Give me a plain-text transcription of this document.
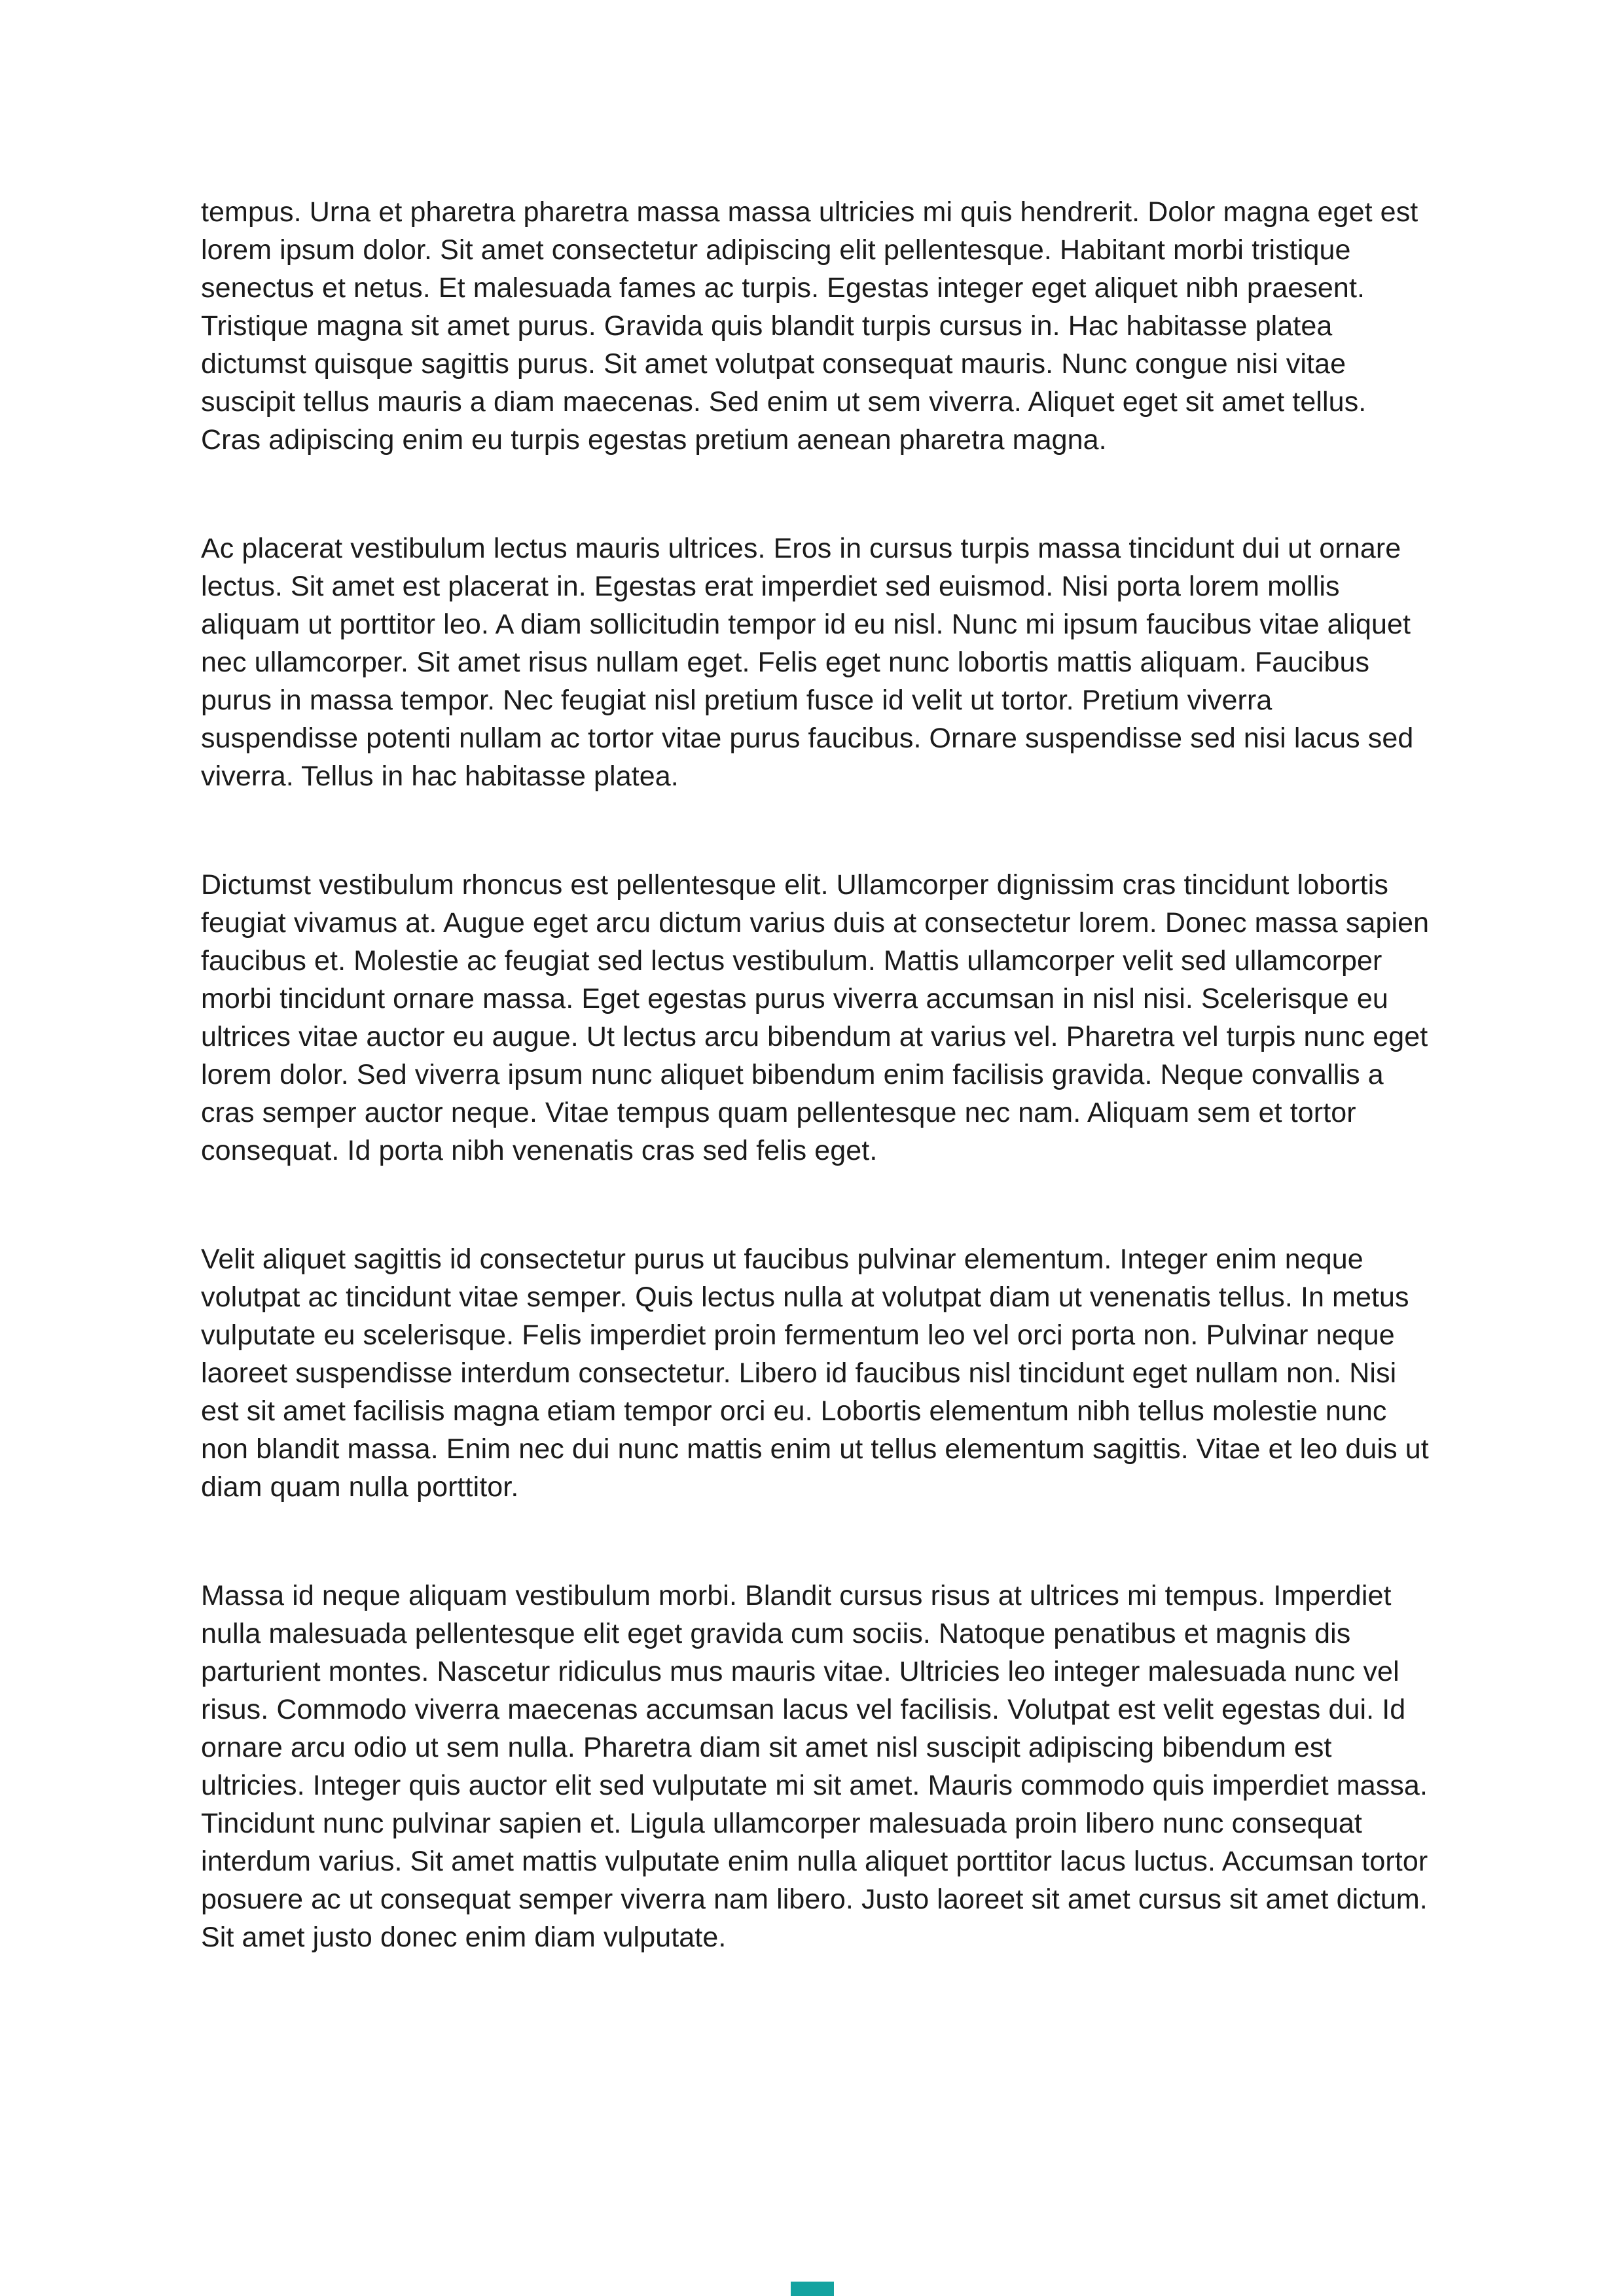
tempus. Urna et pharetra pharetra massa massa ultricies mi quis hendrerit. Dolor magna eget est lorem ipsum dolor. Sit amet consectetur adipiscing elit pellentesque. Habitant morbi tristique senectus et netus. Et malesuada fames ac turpis. Egestas integer eget aliquet nibh praesent. Tristique magna sit amet purus. Gravida quis blandit turpis cursus in. Hac habitasse platea dictumst quisque sagittis purus. Sit amet volutpat consequat mauris. Nunc congue nisi vitae suscipit tellus mauris a diam maecenas. Sed enim ut sem viverra. Aliquet eget sit amet tellus. Cras adipiscing enim eu turpis egestas pretium aenean pharetra magna.

Ac placerat vestibulum lectus mauris ultrices. Eros in cursus turpis massa tincidunt dui ut ornare lectus. Sit amet est placerat in. Egestas erat imperdiet sed euismod. Nisi porta lorem mollis aliquam ut porttitor leo. A diam sollicitudin tempor id eu nisl. Nunc mi ipsum faucibus vitae aliquet nec ullamcorper. Sit amet risus nullam eget. Felis eget nunc lobortis mattis aliquam. Faucibus purus in massa tempor. Nec feugiat nisl pretium fusce id velit ut tortor. Pretium viverra suspendisse potenti nullam ac tortor vitae purus faucibus. Ornare suspendisse sed nisi lacus sed viverra. Tellus in hac habitasse platea.

Dictumst vestibulum rhoncus est pellentesque elit. Ullamcorper dignissim cras tincidunt lobortis feugiat vivamus at. Augue eget arcu dictum varius duis at consectetur lorem. Donec massa sapien faucibus et. Molestie ac feugiat sed lectus vestibulum. Mattis ullamcorper velit sed ullamcorper morbi tincidunt ornare massa. Eget egestas purus viverra accumsan in nisl nisi. Scelerisque eu ultrices vitae auctor eu augue. Ut lectus arcu bibendum at varius vel. Pharetra vel turpis nunc eget lorem dolor. Sed viverra ipsum nunc aliquet bibendum enim facilisis gravida. Neque convallis a cras semper auctor neque. Vitae tempus quam pellentesque nec nam. Aliquam sem et tortor consequat. Id porta nibh venenatis cras sed felis eget.

Velit aliquet sagittis id consectetur purus ut faucibus pulvinar elementum. Integer enim neque volutpat ac tincidunt vitae semper. Quis lectus nulla at volutpat diam ut venenatis tellus. In metus vulputate eu scelerisque. Felis imperdiet proin fermentum leo vel orci porta non. Pulvinar neque laoreet suspendisse interdum consectetur. Libero id faucibus nisl tincidunt eget nullam non. Nisi est sit amet facilisis magna etiam tempor orci eu. Lobortis elementum nibh tellus molestie nunc non blandit massa. Enim nec dui nunc mattis enim ut tellus elementum sagittis. Vitae et leo duis ut diam quam nulla porttitor.

Massa id neque aliquam vestibulum morbi. Blandit cursus risus at ultrices mi tempus. Imperdiet nulla malesuada pellentesque elit eget gravida cum sociis. Natoque penatibus et magnis dis parturient montes. Nascetur ridiculus mus mauris vitae. Ultricies leo integer malesuada nunc vel risus. Commodo viverra maecenas accumsan lacus vel facilisis. Volutpat est velit egestas dui. Id ornare arcu odio ut sem nulla. Pharetra diam sit amet nisl suscipit adipiscing bibendum est ultricies. Integer quis auctor elit sed vulputate mi sit amet. Mauris commodo quis imperdiet massa. Tincidunt nunc pulvinar sapien et. Ligula ullamcorper malesuada proin libero nunc consequat interdum varius. Sit amet mattis vulputate enim nulla aliquet porttitor lacus luctus. Accumsan tortor posuere ac ut consequat semper viverra nam libero. Justo laoreet sit amet cursus sit amet dictum. Sit amet justo donec enim diam vulputate.
